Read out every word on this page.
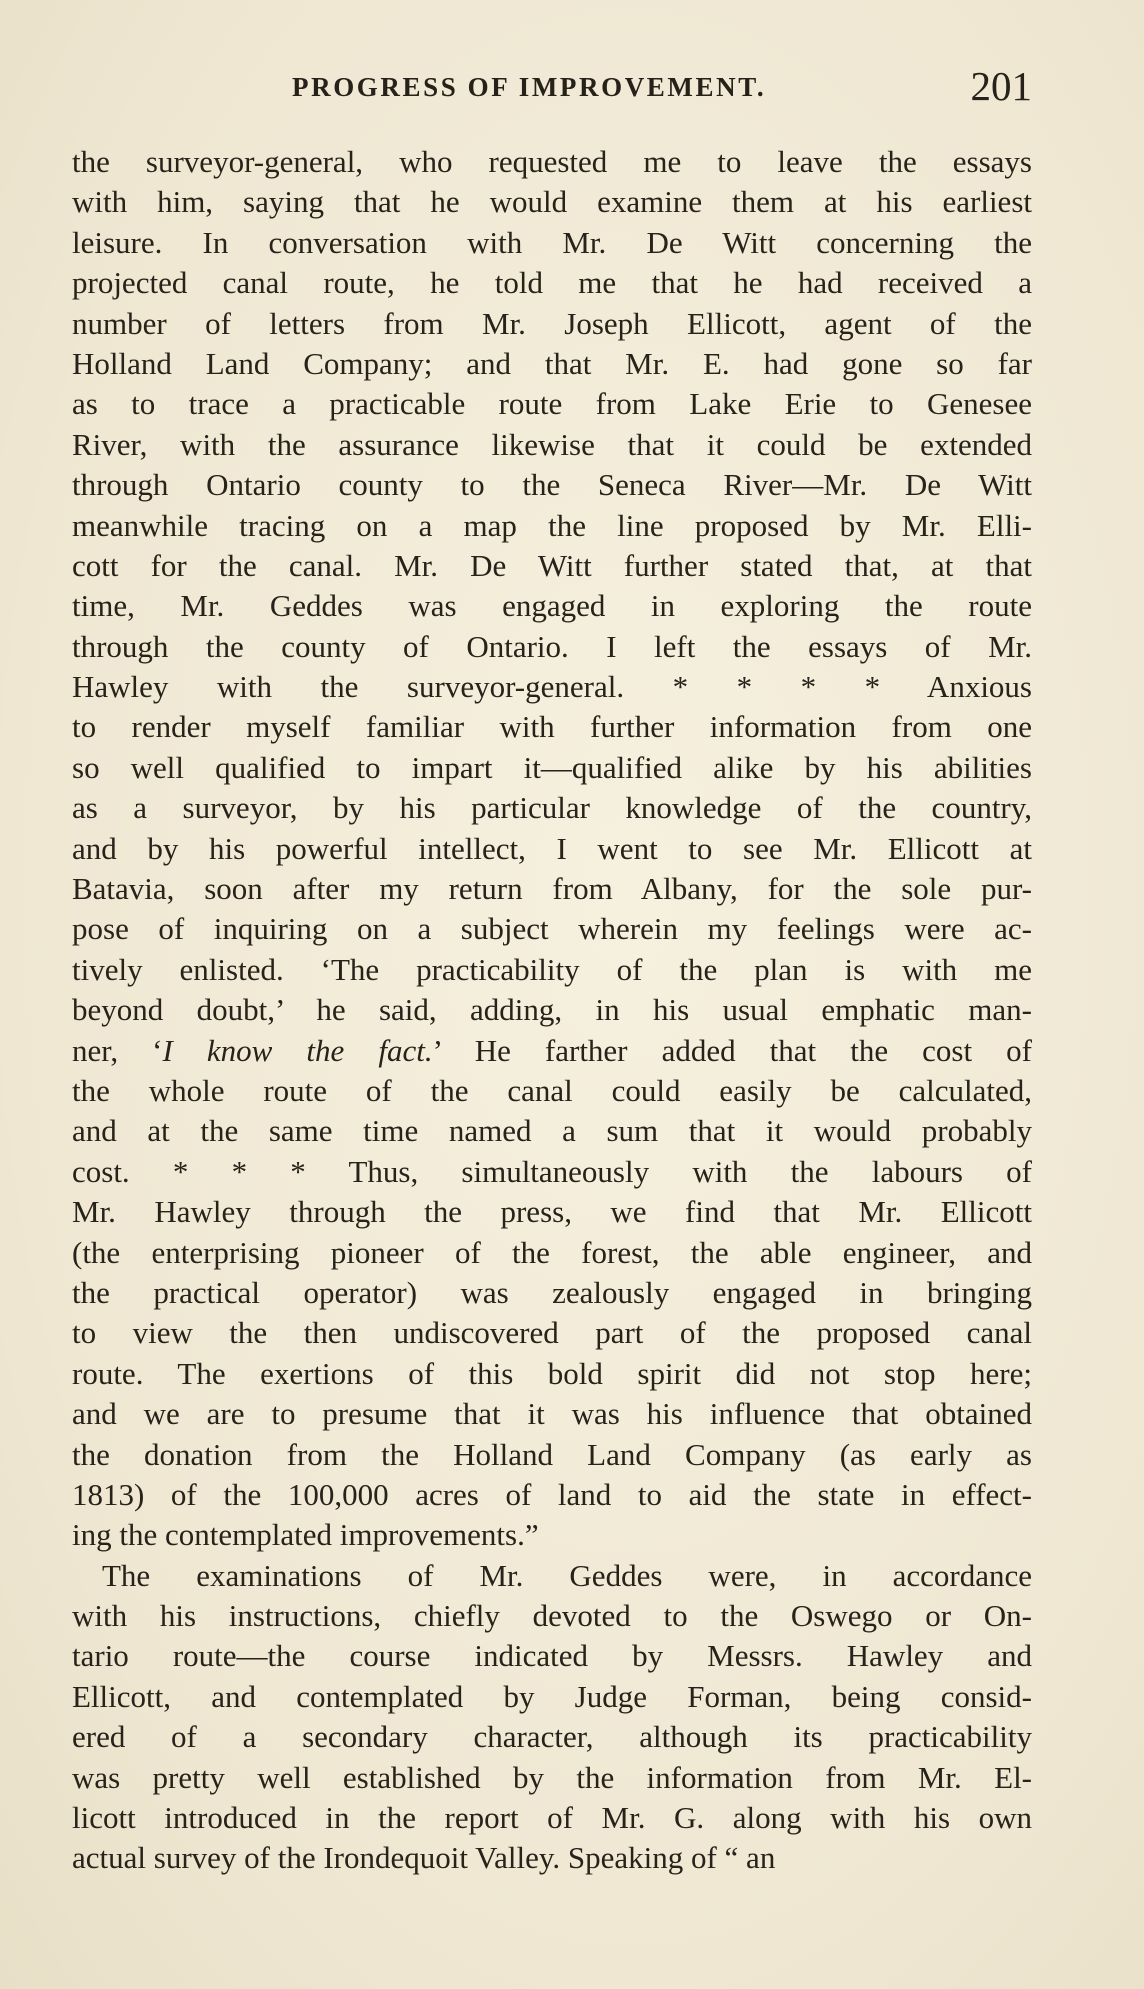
PROGRESS OF IMPROVEMENT.	201
the surveyor-general, who requested me to leave the essays
with him, saying that he would examine them at his earliest
leisure. In conversation with Mr. De Witt concerning the
projected canal route, he told me that he had received a
number of letters from Mr. Joseph Ellicott, agent of the
Holland Land Company; and that Mr. E. had gone so far
as to trace a practicable route from Lake Erie to Genesee
River, with the assurance likewise that it could be extended
through Ontario county to the Seneca River—Mr. De Witt
meanwhile tracing on a map the line proposed by Mr. Elli-
cott for the canal. Mr. De Witt further stated that, at that
time, Mr. Geddes was engaged in exploring the route
through the county of Ontario. I left the essays of Mr.
Hawley with the surveyor-general. * * * * Anxious
to render myself familiar with further information from one
so well qualified to impart it—qualified alike by his abilities
as a surveyor, by his particular knowledge of the country,
and by his powerful intellect, I went to see Mr. Ellicott at
Batavia, soon after my return from Albany, for the sole pur-
pose of inquiring on a subject wherein my feelings were ac-
tively enlisted. ‘The practicability of the plan is with me
beyond doubt,’ he said, adding, in his usual emphatic man-
ner, ‘I know the fact.’ He farther added that the cost of
the whole route of the canal could easily be calculated,
and at the same time named a sum that it would probably
cost. * * * Thus, simultaneously with the labours of
Mr. Hawley through the press, we find that Mr. Ellicott
(the enterprising pioneer of the forest, the able engineer, and
the practical operator) was zealously engaged in bringing
to view the then undiscovered part of the proposed canal
route. The exertions of this bold spirit did not stop here;
and we are to presume that it was his influence that obtained
the donation from the Holland Land Company (as early as
1813) of the 100,000 acres of land to aid the state in effect-
ing the contemplated improvements.”
The examinations of Mr. Geddes were, in accordance
with his instructions, chiefly devoted to the Oswego or On-
tario route—the course indicated by Messrs. Hawley and
Ellicott, and contemplated by Judge Forman, being consid-
ered of a secondary character, although its practicability
was pretty well established by the information from Mr. El-
licott introduced in the report of Mr. G. along with his own
actual survey of the Irondequoit Valley. Speaking of “ an
